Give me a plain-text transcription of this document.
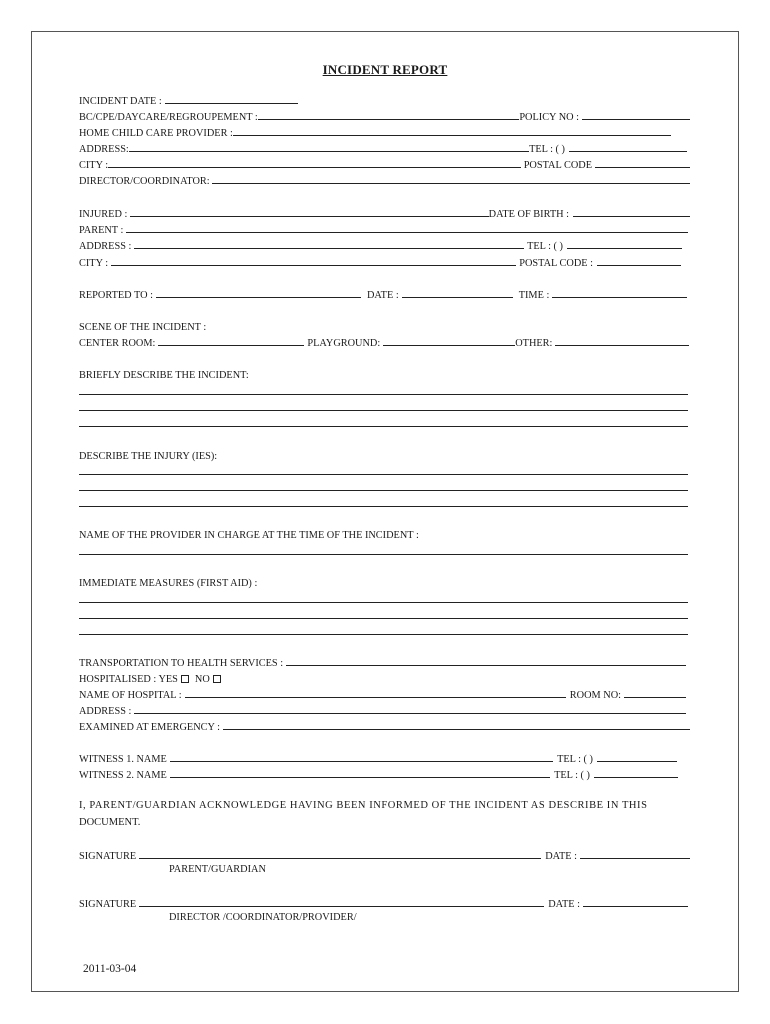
INCIDENT REPORT
INCIDENT DATE :
BC/CPE/DAYCARE/REGROUPEMENT :	POLICY NO :
HOME CHILD CARE PROVIDER :
ADDRESS:	TEL : ( )
CITY :	POSTAL CODE
DIRECTOR/COORDINATOR:
INJURED :	DATE OF BIRTH :
PARENT :
ADDRESS :	TEL : ( )
CITY :	POSTAL CODE :
REPORTED TO :	DATE :	TIME :
SCENE OF THE INCIDENT :
CENTER ROOM:	PLAYGROUND:	OTHER:
BRIEFLY DESCRIBE THE INCIDENT:
DESCRIBE THE INJURY (IES):
NAME OF THE PROVIDER IN CHARGE AT THE TIME OF THE INCIDENT :
IMMEDIATE MEASURES (FIRST AID) :
TRANSPORTATION TO HEALTH SERVICES :
HOSPITALISED : YES NO
NAME OF HOSPITAL :	ROOM NO:
ADDRESS :
EXAMINED AT EMERGENCY :
WITNESS 1. NAME	TEL : ( )
WITNESS 2. NAME	TEL : ( )
I, PARENT/GUARDIAN ACKNOWLEDGE HAVING BEEN INFORMED OF THE INCIDENT AS DESCRIBE IN THIS
DOCUMENT.
SIGNATURE	DATE :
PARENT/GUARDIAN
SIGNATURE	DATE :
DIRECTOR /COORDINATOR/PROVIDER/
2011-03-04
